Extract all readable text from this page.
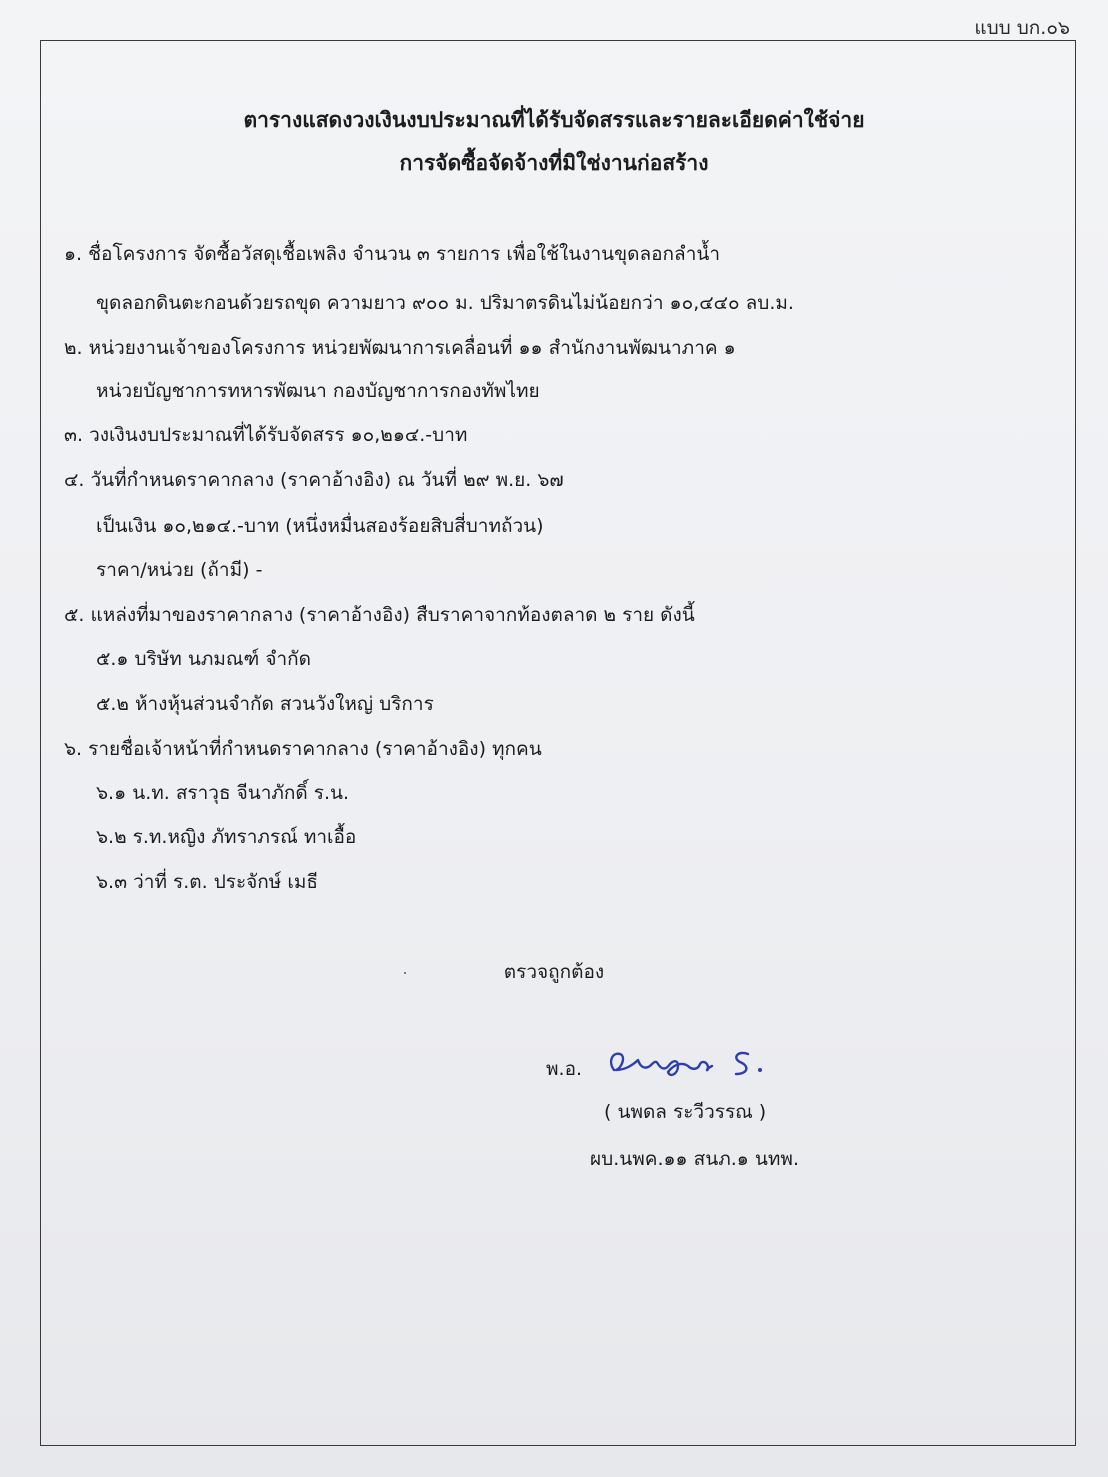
แบบ บก.๐๖
ตารางแสดงวงเงินงบประมาณที่ได้รับจัดสรรและรายละเอียดค่าใช้จ่าย
การจัดซื้อจัดจ้างที่มิใช่งานก่อสร้าง
๑. ชื่อโครงการ จัดซื้อวัสดุเชื้อเพลิง จำนวน ๓ รายการ เพื่อใช้ในงานขุดลอกลำน้ำ
ขุดลอกดินตะกอนด้วยรถขุด ความยาว ๙๐๐ ม. ปริมาตรดินไม่น้อยกว่า ๑๐,๔๔๐ ลบ.ม.
๒. หน่วยงานเจ้าของโครงการ หน่วยพัฒนาการเคลื่อนที่ ๑๑ สำนักงานพัฒนาภาค ๑
หน่วยบัญชาการทหารพัฒนา กองบัญชาการกองทัพไทย
๓. วงเงินงบประมาณที่ได้รับจัดสรร ๑๐,๒๑๔.-บาท
๔. วันที่กำหนดราคากลาง (ราคาอ้างอิง) ณ วันที่ ๒๙ พ.ย. ๖๗
เป็นเงิน ๑๐,๒๑๔.-บาท (หนึ่งหมื่นสองร้อยสิบสี่บาทถ้วน)
ราคา/หน่วย (ถ้ามี) -
๕. แหล่งที่มาของราคากลาง (ราคาอ้างอิง) สืบราคาจากท้องตลาด ๒ ราย ดังนี้
๕.๑ บริษัท นภมณฑ์ จำกัด
๕.๒ ห้างหุ้นส่วนจำกัด สวนวังใหญ่ บริการ
๖. รายชื่อเจ้าหน้าที่กำหนดราคากลาง (ราคาอ้างอิง) ทุกคน
๖.๑ น.ท. สราวุธ จีนาภักดิ์ ร.น.
๖.๒ ร.ท.หญิง ภัทราภรณ์ ทาเอื้อ
๖.๓ ว่าที่ ร.ต. ประจักษ์ เมธี
ตรวจถูกต้อง
พ.อ.
( นพดล ระวีวรรณ )
ผบ.นพค.๑๑ สนภ.๑ นทพ.
